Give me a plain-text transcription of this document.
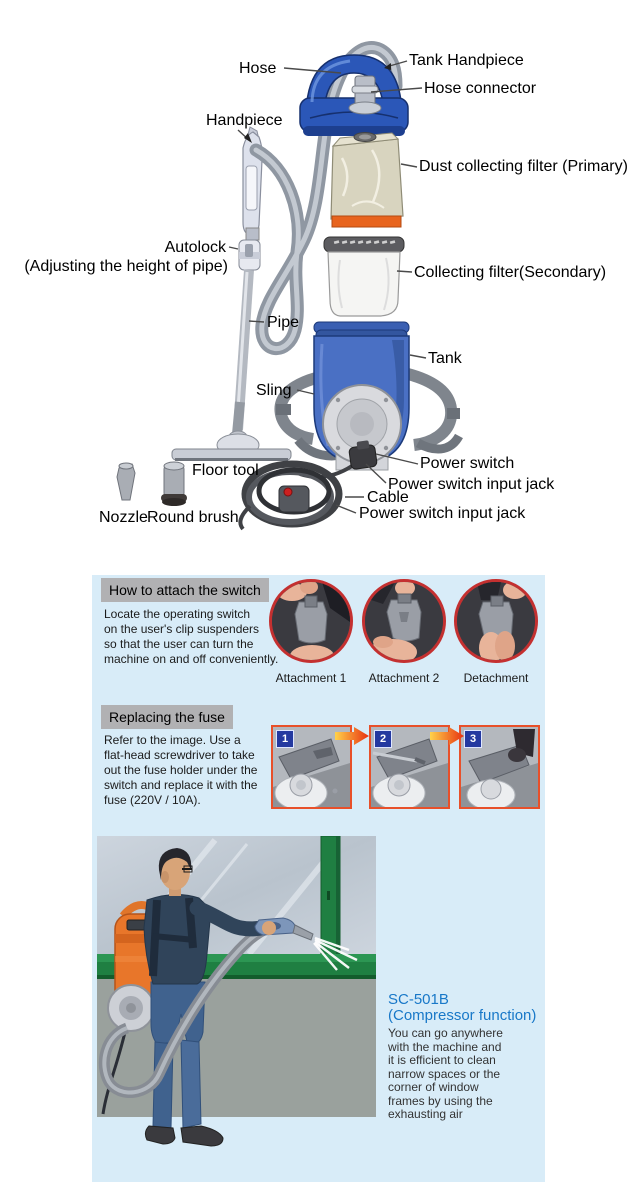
Hose	Tank Handpiece
Hose connector
Handpiece
Dust collecting filter (Primary)
Autolock
(Adjusting the height of pipe)	Collecting filter(Secondary)
Pipe
Tank
Sling
Floor tool	Power switch
Power switch input jack
Cable
Power switch input jack
Nozzle Round brush
How to attach the switch
Locate the operating switch
on the user's clip suspenders
so that the user can turn the
machine on and off conveniently.
Attachment 1	Attachment 2	Detachment
Replacing the fuse
Refer to the image. Use a
flat-head screwdriver to take
out the fuse holder under the
switch and replace it with the
fuse (220V / 10A).
1	2	3
SC-501B
(Compressor function)
You can go anywhere
with the machine and
it is efficient to clean
narrow spaces or the
corner of window
frames by using the
exhausting air
